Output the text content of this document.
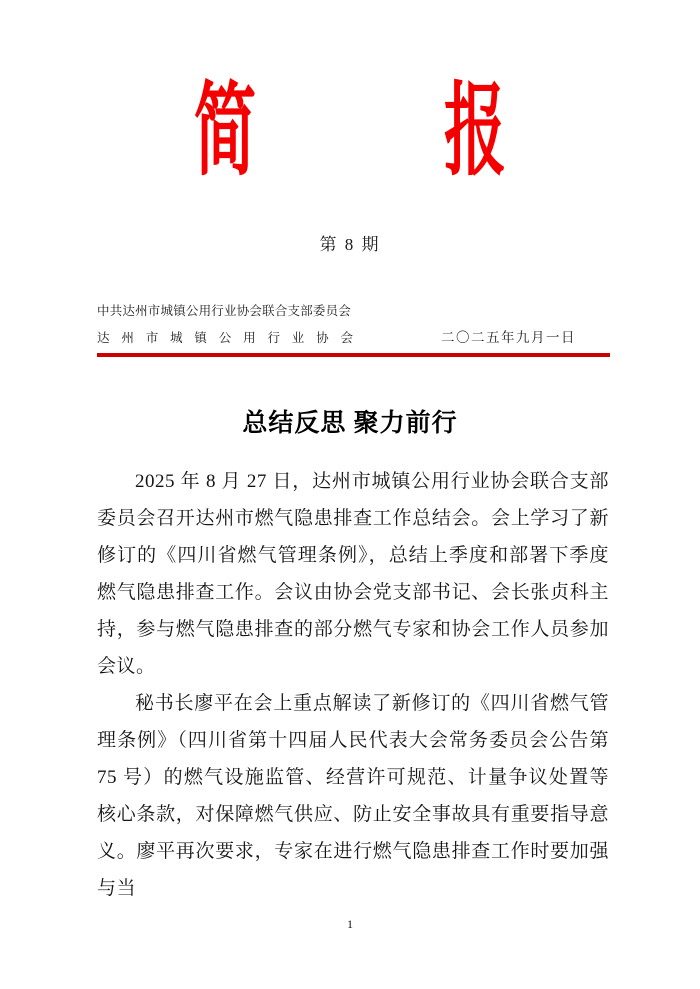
简	报
第 8 期
中共达州市城镇公用行业协会联合支部委员会
达州市城镇公用行业协会	二〇二五年九月一日
总结反思 聚力前行

2025 年 8 月 27 日，达州市城镇公用行业协会联合支部委员会召开达州市燃气隐患排查工作总结会。会上学习了新修订的《四川省燃气管理条例》，总结上季度和部署下季度燃气隐患排查工作。会议由协会党支部书记、会长张贞科主持，参与燃气隐患排查的部分燃气专家和协会工作人员参加会议。

秘书长廖平在会上重点解读了新修订的《四川省燃气管理条例》（四川省第十四届人民代表大会常务委员会公告第 75 号）的燃气设施监管、经营许可规范、计量争议处置等核心条款，对保障燃气供应、防止安全事故具有重要指导意义。廖平再次要求，专家在进行燃气隐患排查工作时要加强与当

1
